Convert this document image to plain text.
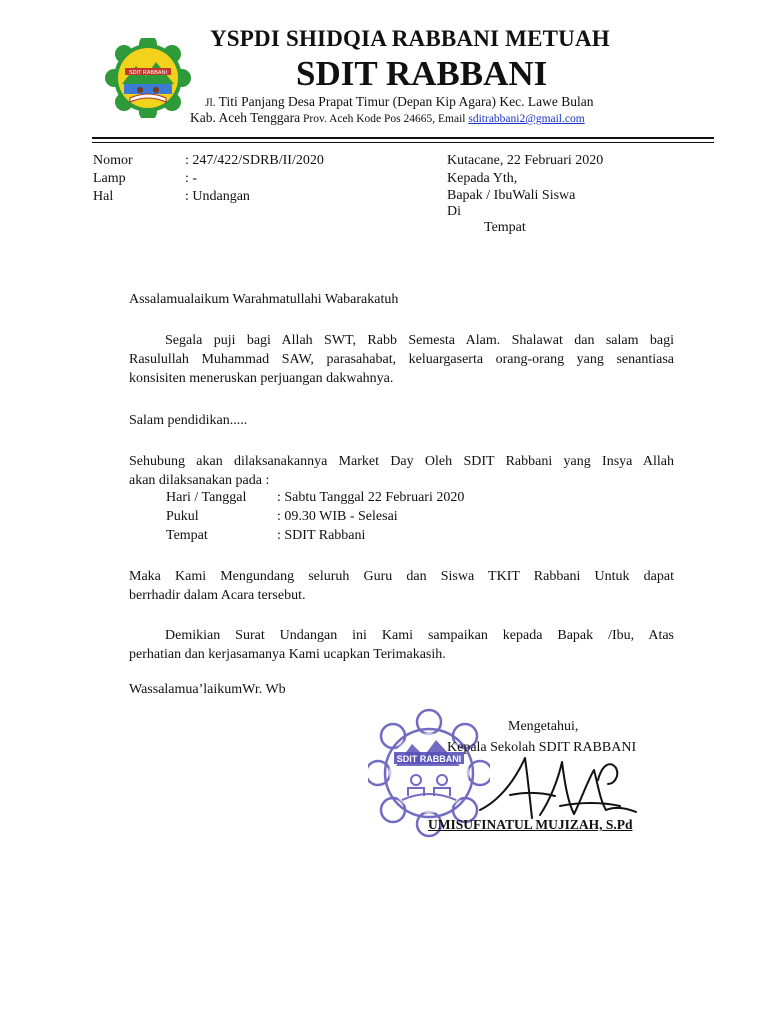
SDIT RABBANI
YSPDI SHIDQIA RABBANI METUAH
SDIT RABBANI
Jl. Titi Panjang Desa Prapat Timur (Depan Kip Agara) Kec. Lawe Bulan
Kab. Aceh Tenggara Prov. Aceh Kode Pos 24665, Email sditrabbani2@gmail.com
Nomor	: 247/422/SDRB/II/2020
Lamp	: -
Hal	: Undangan
Kutacane, 22 Februari 2020
Kepada Yth,
Bapak / IbuWali Siswa
Di
Tempat
Assalamualaikum Warahmatullahi Wabarakatuh
Segala puji bagi Allah SWT, Rabb Semesta Alam. Shalawat dan salam bagi
Rasulullah Muhammad SAW, parasahabat, keluargaserta orang-orang yang senantiasa
konsisiten meneruskan perjuangan dakwahnya.
Salam pendidikan.....
Sehubung akan dilaksanakannya Market Day Oleh SDIT Rabbani yang Insya Allah
akan dilaksanakan pada :
Hari / Tanggal : Sabtu Tanggal 22 Februari 2020
Pukul	: 09.30 WIB - Selesai
Tempat	: SDIT Rabbani
Maka Kami Mengundang seluruh Guru dan Siswa TKIT Rabbani Untuk dapat
berrhadir dalam Acara tersebut.
Demikian Surat Undangan ini Kami sampaikan kepada Bapak /Ibu, Atas
perhatian dan kerjasamanya Kami ucapkan Terimakasih.
Wassalamua’laikumWr. Wb
SDIT RABBANI
Mengetahui,
Kepala Sekolah SDIT RABBANI
UMISUFINATUL MUJIZAH, S.Pd
